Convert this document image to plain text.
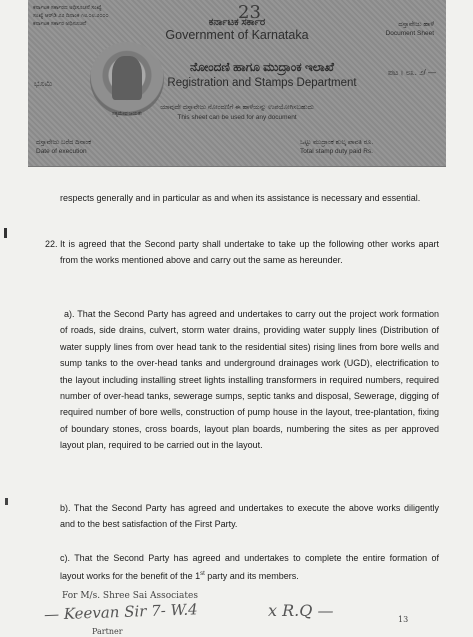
ಕರ್ನಾಟಕ ಸರ್ಕಾರದ ಅಧಿಸೂಚನೆ ಸಂಖ್ಯೆ
ಸಂಖ್ಯೆ ಆರ್‌ಡಿ ೨೨ ದಿನಾಂಕ ೧೮.೦೮.೨೦೦೦
ಕರ್ನಾಟಕ ಸರ್ಕಾರ ಅಧಿಸೂಚನೆ
23
ಕರ್ನಾಟಕ ಸರ್ಕಾರ
Government of Karnataka
ದಸ್ತಾವೇಜು ಹಾಳೆ
Document Sheet
ಭೂಮಿ
ಸತ್ಯಮೇವ ಜಯತೇ
ನೋಂದಣಿ ಹಾಗೂ ಮುದ್ರಾಂಕ ಇಲಾಖೆ
Registration and Stamps Department
ಪಟ । ೮೩. ೨/ ―
ಯಾವುದೇ ದಸ್ತಾವೇಜು ನೋಂದಣಿಗೆ ಈ ಹಾಳೆಯನ್ನು ಉಪಯೋಗಿಸಬಹುದು
This sheet can be used for any document
ದಸ್ತಾವೇಜು ಬರೆದ ದಿನಾಂಕ
Date of execution
ಒಟ್ಟು ಮುದ್ರಾಂಕ ಶುಲ್ಕ ಪಾವತಿ ರೂ.
Total stamp duty paid Rs.
respects generally and in particular as and when its assistance is necessary and essential.
22. It is agreed that the Second party shall undertake to take up the following other works apart from the works mentioned above and carry out the same as hereunder.
a). That the Second Party has agreed and undertakes to carry out the project work formation of roads, side drains, culvert, storm water drains, providing water supply lines (Distribution of water supply lines from over head tank to the residential sites) rising lines from bore wells and sump tanks to the over-head tanks and underground drainages work (UGD), electrification to the layout including installing street lights installing transformers in required numbers, required number of over-head tanks, sewerage sumps, septic tanks and disposal, Sewerage, digging of required number of bore wells, construction of pump house in the layout, tree-plantation, fixing of boundary stones, cross boards, layout plan boards, numbering the sites as per approved layout plan, required to be carried out in the layout.
b). That the Second Party has agreed and undertakes to execute the above works diligently and to the best satisfaction of the First Party.
c). That the Second Party has agreed and undertakes to complete the entire formation of layout works for the benefit of the 1st party and its members.
For M/s. Shree Sai Associates
— Keevan Sir 7- W.4	x R.Q —
Partner
13
